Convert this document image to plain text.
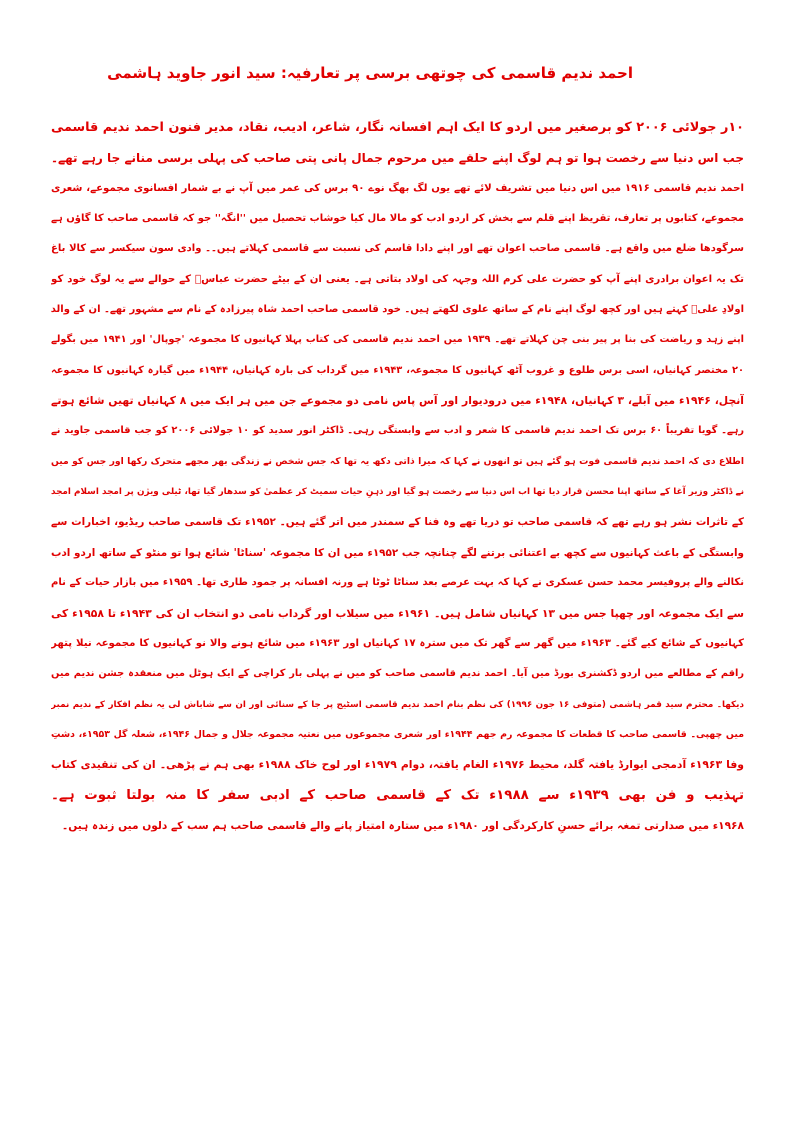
احمد ندیم قاسمی کی چوتھی برسی پر تعارفیہ: سید انور جاوید ہاشمی
۱۰ر جولائی ۲۰۰۶ کو برصغیر میں اردو کا ایک اہم افسانہ نگار، شاعر، ادیب، نقاد، مدیر فنون احمد ندیم قاسمی
جب اس دنیا سے رخصت ہوا تو ہم لوگ اپنے حلقے میں مرحوم جمال پانی پتی صاحب کی پہلی برسی منانے جا رہے تھے۔
احمد ندیم قاسمی ۱۹۱۶ میں اس دنیا میں تشریف لائے تھے یوں لگ بھگ نوے ۹۰ برس کی عمر میں آپ نے بے شمار افسانوی مجموعے، شعری
مجموعے، کتابوں پر تعارف، تقریظ اپنے قلم سے بخش کر اردو ادب کو مالا مال کیا خوشاب تحصیل میں ''انگہ'' جو کہ قاسمی صاحب کا گاؤں ہے
سرگودھا ضلع میں واقع ہے۔ قاسمی صاحب اعوان تھے اور اپنے دادا قاسم کی نسبت سے قاسمی کہلاتے ہیں۔۔ وادی سون سیکسر سے کالا باغ
تک یہ اعوان برادری اپنے آپ کو حضرت علی کرم اللہ وجہہ کی اولاد بتاتی ہے۔ یعنی ان کے بیٹے حضرت عباسؓ کے حوالے سے یہ لوگ خود کو
اولادِ علیؓ کہتے ہیں اور کچھ لوگ اپنے نام کے ساتھ علوی لکھتے ہیں۔ خود قاسمی صاحب احمد شاہ پیرزادہ کے نام سے مشہور تھے۔ ان کے والد
اپنے زہد و ریاضت کی بنا پر پیر بنی چن کہلاتے تھے۔ ۱۹۳۹ میں احمد ندیم قاسمی کی کتاب پہلا کہانیوں کا مجموعہ 'چوپال' اور ۱۹۴۱ میں بگولے
۲۰ مختصر کہانیاں، اسی برس طلوع و غروب آٹھ کہانیوں کا مجموعہ، ۱۹۴۳ء میں گرداب کی بارہ کہانیاں، ۱۹۴۴ء میں گیارہ کہانیوں کا مجموعہ
آنچل، ۱۹۴۶ء میں آبلے، ۳ کہانیاں، ۱۹۴۸ء میں درودیوار اور آس پاس نامی دو مجموعے جن میں ہر ایک میں ۸ کہانیاں تھیں شائع ہوتے
رہے۔ گویا تقریباً ۶۰ برس تک احمد ندیم قاسمی کا شعر و ادب سے وابستگی رہی۔ ڈاکٹر انور سدید کو ۱۰ جولائی ۲۰۰۶ کو جب قاسمی جاوید نے
اطلاع دی کہ احمد ندیم قاسمی فوت ہو گئے ہیں تو انھوں نے کہا کہ میرا ذاتی دکھ یہ تھا کہ جس شخص نے زندگی بھر مجھے متحرک رکھا اور جس کو میں
نے ڈاکٹر وزیر آغا کے ساتھ اپنا محسن قرار دیا تھا اب اس دنیا سے رخصت ہو گیا اور ذہنِ حیات سمیٹ کر عظمیٰ کو سدھار گیا تھا، ٹیلی ویژن پر امجد اسلام امجد
کے تاثرات نشر ہو رہے تھے کہ قاسمی صاحب تو دریا تھے وہ فنا کے سمندر میں اتر گئے ہیں۔ ۱۹۵۲ء تک قاسمی صاحب ریڈیو، اخبارات سے
وابستگی کے باعث کہانیوں سے کچھ بے اعتنائی برتنے لگے چنانچہ جب ۱۹۵۲ء میں ان کا مجموعہ 'سناٹا' شائع ہوا تو منٹو کے ساتھ اردو ادب
نکالنے والے پروفیسر محمد حسن عسکری نے کہا کہ بہت عرصے بعد سناٹا ٹوٹا ہے ورنہ افسانہ پر جمود طاری تھا۔ ۱۹۵۹ء میں بازار حیات کے نام
سے ایک مجموعہ اور چھپا جس میں ۱۳ کہانیاں شامل ہیں۔ ۱۹۶۱ء میں سیلاب اور گرداب نامی دو انتخاب ان کی ۱۹۴۳ء تا ۱۹۵۸ء کی
کہانیوں کے شائع کیے گئے۔ ۱۹۶۳ء میں گھر سے گھر تک میں سترہ ۱۷ کہانیاں اور ۱۹۶۳ء میں شائع ہونے والا نو کہانیوں کا مجموعہ نیلا پتھر
راقم کے مطالعے میں اردو ڈکشنری بورڈ میں آیا۔ احمد ندیم قاسمی صاحب کو میں نے پہلی بار کراچی کے ایک ہوٹل میں منعقدہ جشن ندیم میں
دیکھا۔ محترم سید قمر ہاشمی (متوفی ۱۶ جون ۱۹۹۶) کی نظم بنام احمد ندیم قاسمی اسٹیج پر جا کے سنائی اور ان سے شاباش لی یہ نظم افکار کے ندیم نمبر
میں چھپی۔ قاسمی صاحب کا قطعات کا مجموعہ رم جھم ۱۹۴۴ء اور شعری مجموعوں میں نعتیہ مجموعہ جلال و جمال ۱۹۴۶ء، شعلہ گل ۱۹۵۳ء، دشتِ
وفا ۱۹۶۳ء آدمجی ایوارڈ یافتہ گلد، محیط ۱۹۷۶ء الغام یافتہ، دوام ۱۹۷۹ء اور لوح خاک ۱۹۸۸ء بھی ہم نے پڑھی۔ ان کی تنقیدی کتاب
تہذیب و فن بھی ۱۹۳۹ء سے ۱۹۸۸ء تک کے قاسمی صاحب کے ادبی سفر کا منہ بولتا ثبوت ہے۔
۱۹۶۸ء میں صدارتی تمغہ برائے حسنِ کارکردگی اور ۱۹۸۰ء میں ستارہ امتیاز پانے والے قاسمی صاحب ہم سب کے دلوں میں زندہ ہیں۔
